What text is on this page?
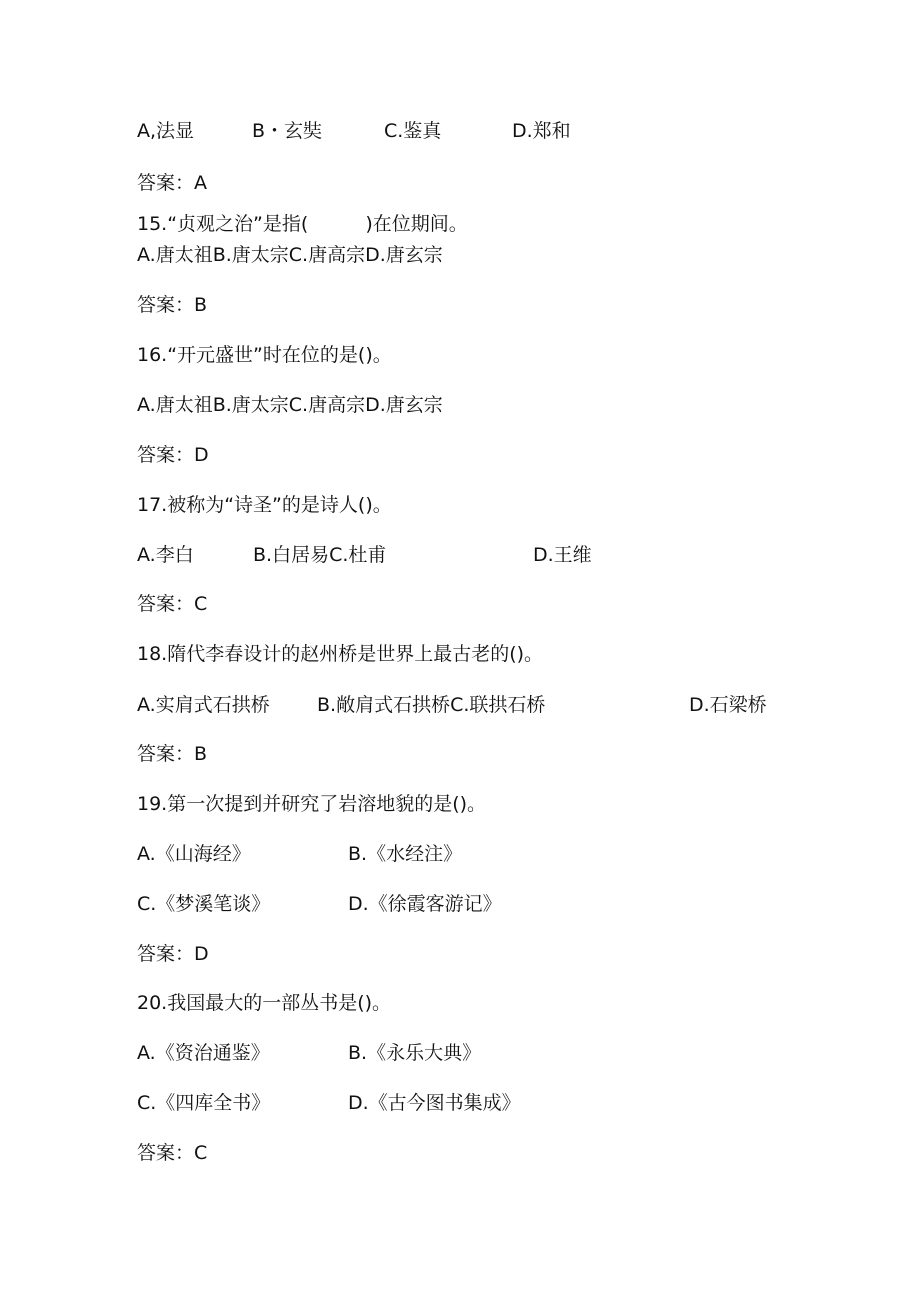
A,法显	B・玄奘	C.鉴真	D.郑和
答案：A
15.“贞观之治”是指(　　　)在位期间。
A.唐太祖B.唐太宗C.唐高宗D.唐玄宗
答案：B
16.“开元盛世”时在位的是()。
A.唐太祖B.唐太宗C.唐高宗D.唐玄宗
答案：D
17.被称为“诗圣”的是诗人()。
A.李白	B.白居易C.杜甫	D.王维
答案：C
18.隋代李春设计的赵州桥是世界上最古老的()。
A.实肩式石拱桥 B.敞肩式石拱桥C.联拱石桥	D.石梁桥
答案：B
19.第一次提到并研究了岩溶地貌的是()。
A.《山海经》	B.《水经注》
C.《梦溪笔谈》	D.《徐霞客游记》
答案：D
20.我国最大的一部丛书是()。
A.《资治通鉴》	B.《永乐大典》
C.《四库全书》	D.《古今图书集成》
答案：C
